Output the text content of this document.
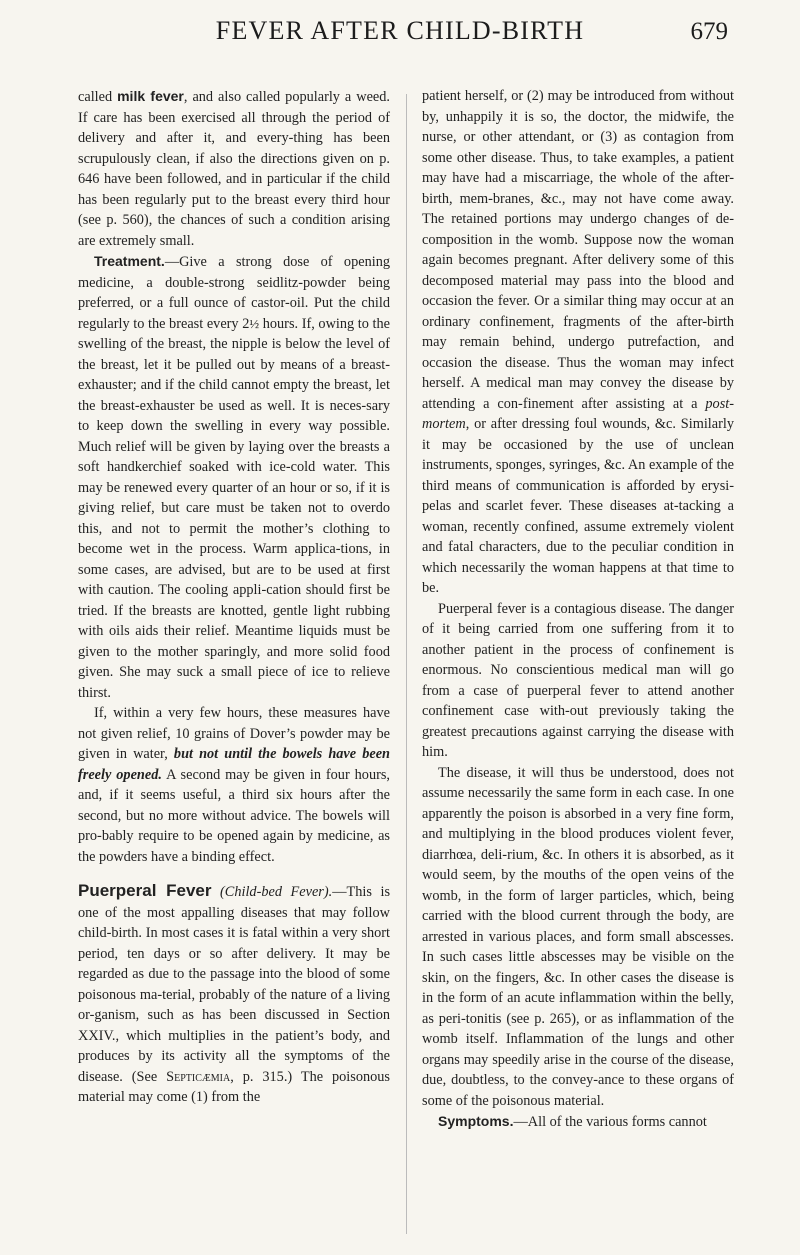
FEVER AFTER CHILD-BIRTH	679

called milk fever, and also called popularly a weed. If care has been exercised all through the period of delivery and after it, and every-thing has been scrupulously clean, if also the directions given on p. 646 have been followed, and in particular if the child has been regularly put to the breast every third hour (see p. 560), the chances of such a condition arising are extremely small.

Treatment.—Give a strong dose of opening medicine, a double-strong seidlitz-powder being preferred, or a full ounce of castor-oil. Put the child regularly to the breast every 2½ hours. If, owing to the swelling of the breast, the nipple is below the level of the breast, let it be pulled out by means of a breast-exhauster; and if the child cannot empty the breast, let the breast-exhauster be used as well. It is neces-sary to keep down the swelling in every way possible. Much relief will be given by laying over the breasts a soft handkerchief soaked with ice-cold water. This may be renewed every quarter of an hour or so, if it is giving relief, but care must be taken not to overdo this, and not to permit the mother’s clothing to become wet in the process. Warm applica-tions, in some cases, are advised, but are to be used at first with caution. The cooling appli-cation should first be tried. If the breasts are knotted, gentle light rubbing with oils aids their relief. Meantime liquids must be given to the mother sparingly, and more solid food given. She may suck a small piece of ice to relieve thirst.

If, within a very few hours, these measures have not given relief, 10 grains of Dover’s powder may be given in water, but not until the bowels have been freely opened. A second may be given in four hours, and, if it seems useful, a third six hours after the second, but no more without advice. The bowels will pro-bably require to be opened again by medicine, as the powders have a binding effect.

Puerperal Fever (Child-bed Fever).—This is one of the most appalling diseases that may follow child-birth. In most cases it is fatal within a very short period, ten days or so after delivery. It may be regarded as due to the passage into the blood of some poisonous ma-terial, probably of the nature of a living or-ganism, such as has been discussed in Section XXIV., which multiplies in the patient’s body, and produces by its activity all the symptoms of the disease. (See Septicæmia, p. 315.) The poisonous material may come (1) from the

patient herself, or (2) may be introduced from without by, unhappily it is so, the doctor, the midwife, the nurse, or other attendant, or (3) as contagion from some other disease. Thus, to take examples, a patient may have had a miscarriage, the whole of the after-birth, mem-branes, &c., may not have come away. The retained portions may undergo changes of de-composition in the womb. Suppose now the woman again becomes pregnant. After delivery some of this decomposed material may pass into the blood and occasion the fever. Or a similar thing may occur at an ordinary confinement, fragments of the after-birth may remain behind, undergo putrefaction, and occasion the disease. Thus the woman may infect herself. A medical man may convey the disease by attending a con-finement after assisting at a post-mortem, or after dressing foul wounds, &c. Similarly it may be occasioned by the use of unclean instruments, sponges, syringes, &c. An example of the third means of communication is afforded by erysi-pelas and scarlet fever. These diseases at-tacking a woman, recently confined, assume extremely violent and fatal characters, due to the peculiar condition in which necessarily the woman happens at that time to be.

Puerperal fever is a contagious disease. The danger of it being carried from one suffering from it to another patient in the process of confinement is enormous. No conscientious medical man will go from a case of puerperal fever to attend another confinement case with-out previously taking the greatest precautions against carrying the disease with him.

The disease, it will thus be understood, does not assume necessarily the same form in each case. In one apparently the poison is absorbed in a very fine form, and multiplying in the blood produces violent fever, diarrhœa, deli-rium, &c. In others it is absorbed, as it would seem, by the mouths of the open veins of the womb, in the form of larger particles, which, being carried with the blood current through the body, are arrested in various places, and form small abscesses. In such cases little abscesses may be visible on the skin, on the fingers, &c. In other cases the disease is in the form of an acute inflammation within the belly, as peri-tonitis (see p. 265), or as inflammation of the womb itself. Inflammation of the lungs and other organs may speedily arise in the course of the disease, due, doubtless, to the convey-ance to these organs of some of the poisonous material.

Symptoms.—All of the various forms cannot
